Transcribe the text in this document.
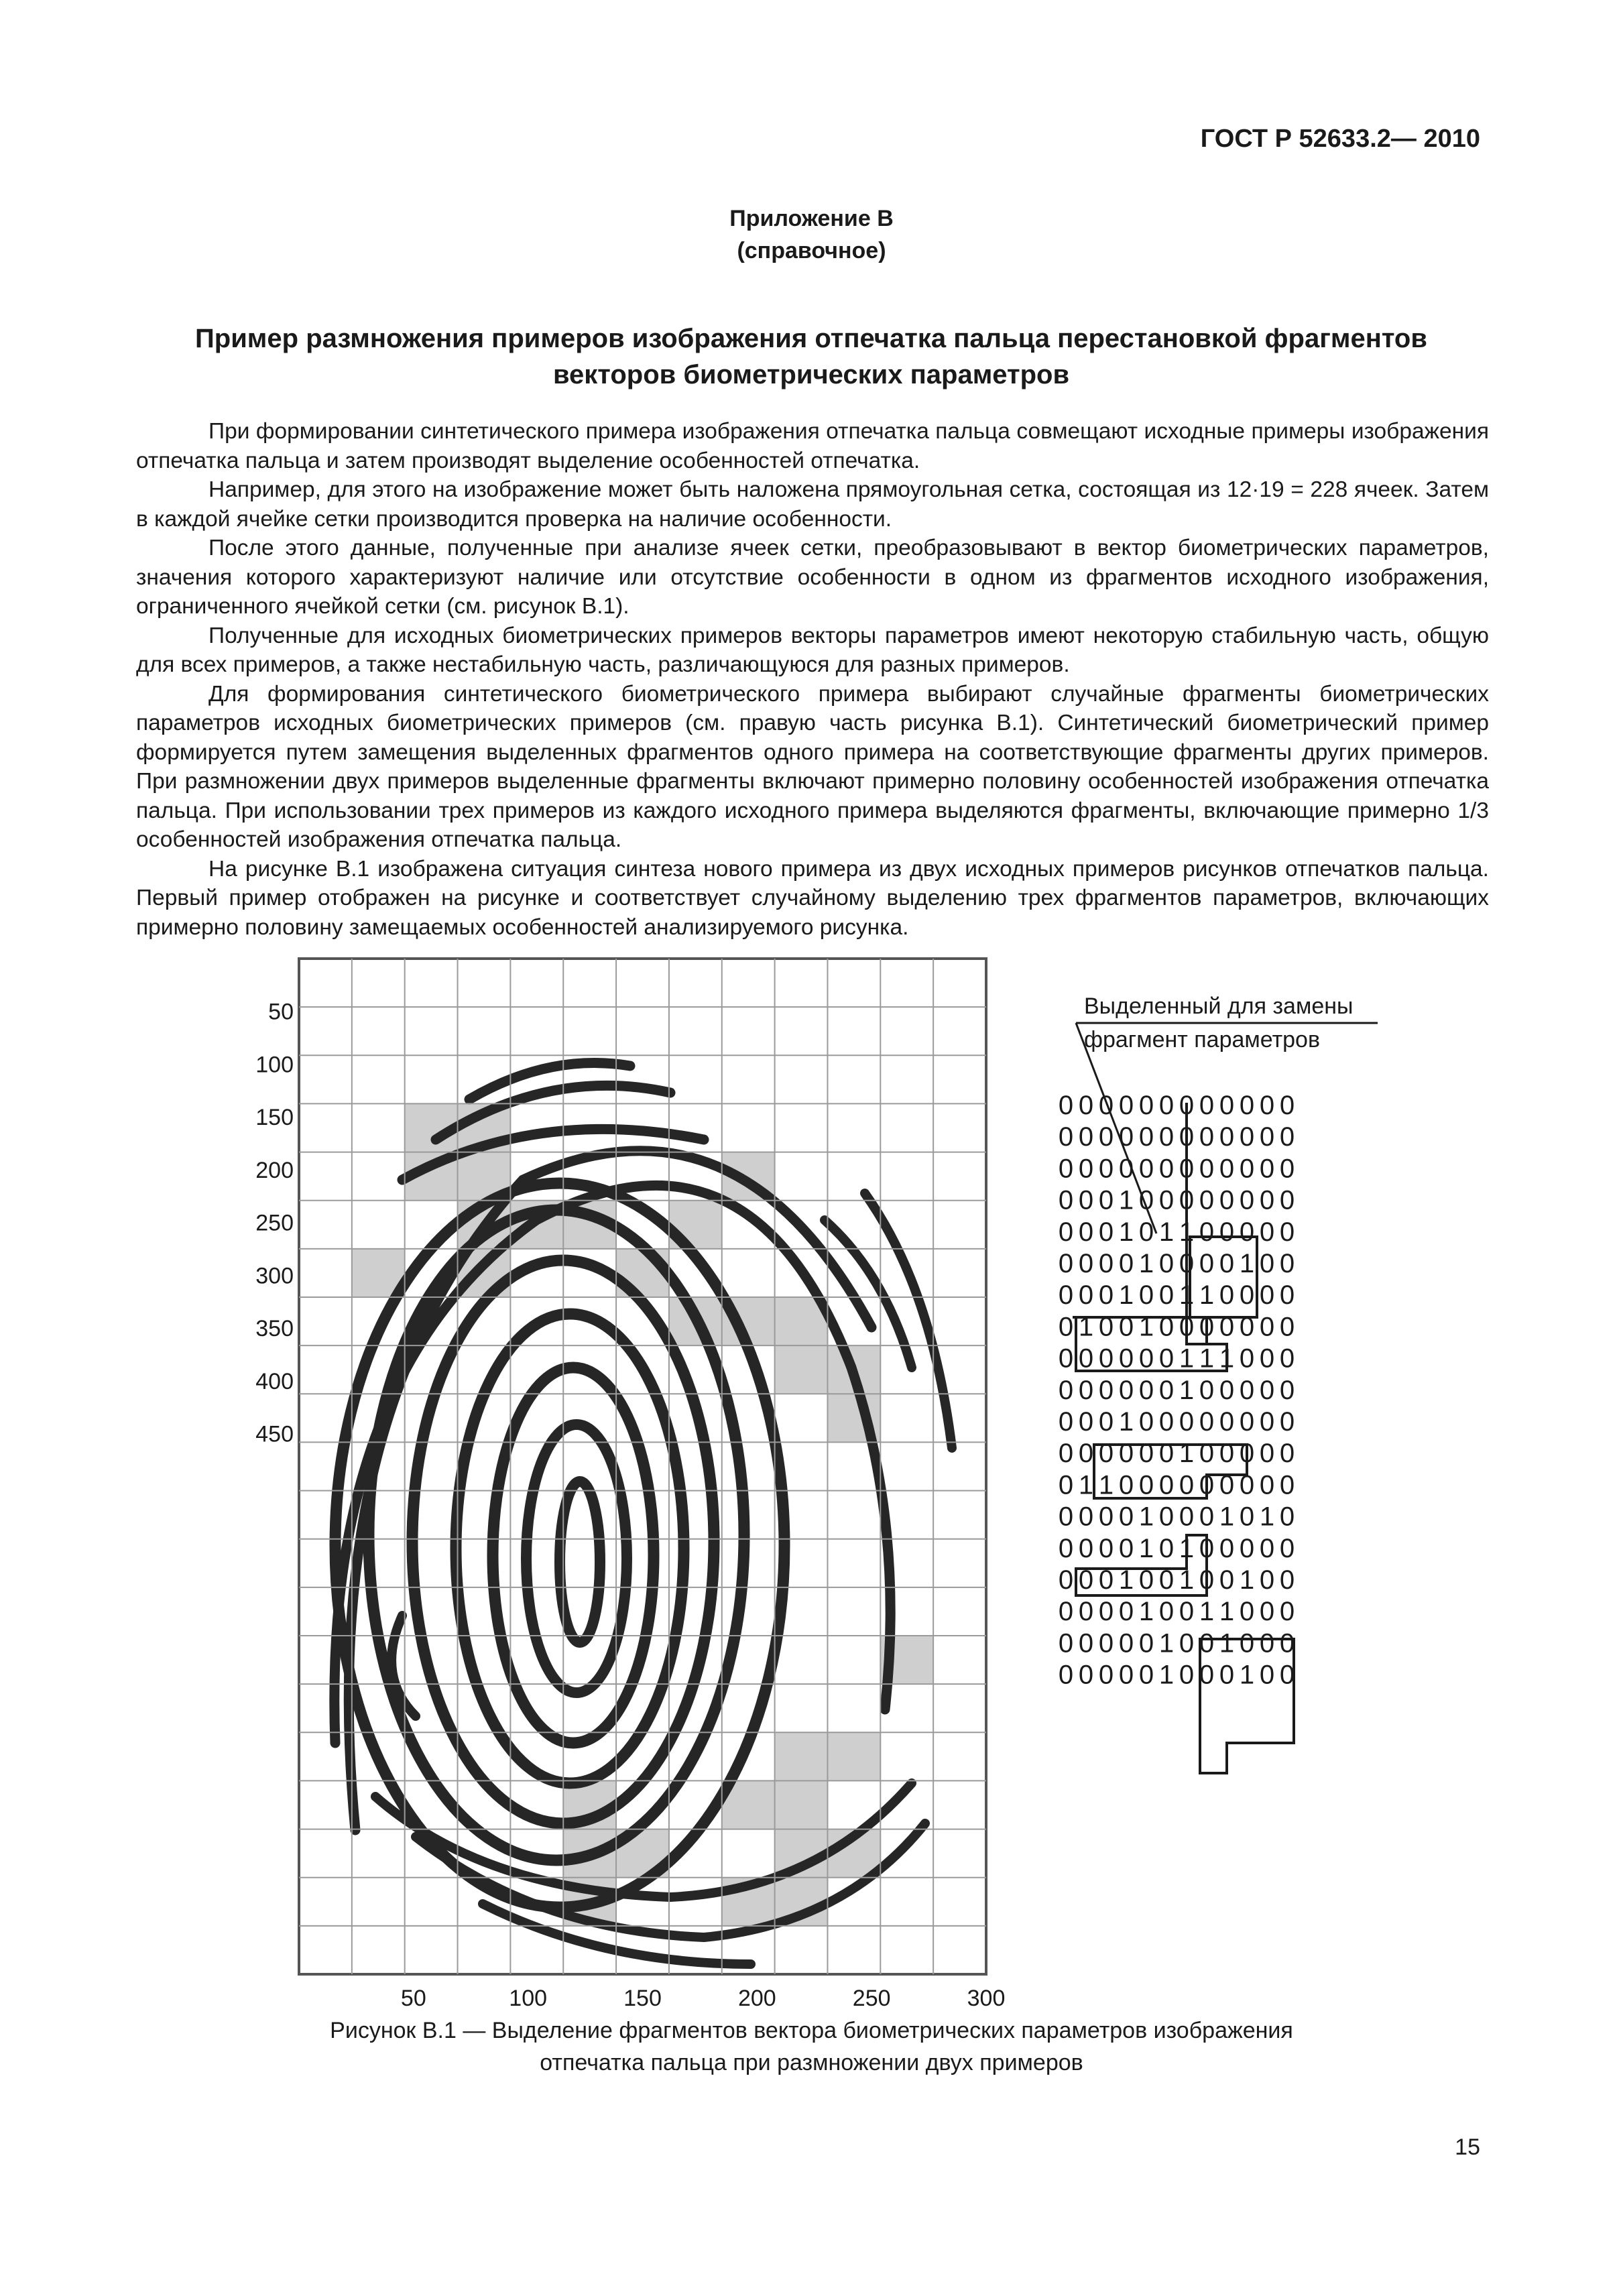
ГОСТ Р 52633.2— 2010
Приложение В
(справочное)
Пример размножения примеров изображения отпечатка пальца перестановкой фрагментов
векторов биометрических параметров

При формировании синтетического примера изображения отпечатка пальца совмещают исходные примеры изображения отпечатка пальца и затем производят выделение особенностей отпечатка.

Например, для этого на изображение может быть наложена прямоугольная сетка, состоящая из 12·19 = 228 ячеек. Затем в каждой ячейке сетки производится проверка на наличие особенности.

После этого данные, полученные при анализе ячеек сетки, преобразовывают в вектор биометрических параметров, значения которого характеризуют наличие или отсутствие особенности в одном из фрагментов исходного изображения, ограниченного ячейкой сетки (см. рисунок В.1).

Полученные для исходных биометрических примеров векторы параметров имеют некоторую стабильную часть, общую для всех примеров, а также нестабильную часть, различающуюся для разных примеров.

Для формирования синтетического биометрического примера выбирают случайные фрагменты биометрических параметров исходных биометрических примеров (см. правую часть рисунка В.1). Синтетический биометрический пример формируется путем замещения выделенных фрагментов одного примера на соответствующие фрагменты других примеров. При размножении двух примеров выделенные фрагменты включают примерно половину особенностей изображения отпечатка пальца. При использовании трех примеров из каждого исходного примера выделяются фрагменты, включающие примерно 1/3 особенностей изображения отпечатка пальца.

На рисунке В.1 изображена ситуация синтеза нового примера из двух исходных примеров рисунков отпечатков пальца. Первый пример отображен на рисунке и соответствует случайному выделению трех фрагментов параметров, включающих примерно половину замещаемых особенностей анализируемого рисунка.

50
100
150
200
250
300
350
400
450
50	100	150	200	250	300
Выделенный для замены
фрагмент параметров
0 0 0 0 0 0 0 0 0 0 0 0
0 0 0 0 0 0 0 0 0 0 0 0
0 0 0 0 0 0 0 0 0 0 0 0
0 0 0 1 0 0 0 0 0 0 0 0
0 0 0 1 0 1 1 0 0 0 0 0
0 0 0 0 1 0 0 0 0 1 0 0
0 0 0 1 0 0 1 1 0 0 0 0
0 1 0 0 1 0 0 0 0 0 0 0
0 0 0 0 0 0 1 1 1 0 0 0
0 0 0 0 0 0 1 0 0 0 0 0
0 0 0 1 0 0 0 0 0 0 0 0
0 0 0 0 0 0 1 0 0 0 0 0
0 1 1 0 0 0 0 0 0 0 0 0
0 0 0 0 1 0 0 0 1 0 1 0
0 0 0 0 1 0 1 0 0 0 0 0
0 0 0 1 0 0 1 0 0 1 0 0
0 0 0 0 1 0 0 1 1 0 0 0
0 0 0 0 0 1 0 0 1 0 0 0
0 0 0 0 0 1 0 0 0 1 0 0
Рисунок В.1 — Выделение фрагментов вектора биометрических параметров изображения
отпечатка пальца при размножении двух примеров
15
